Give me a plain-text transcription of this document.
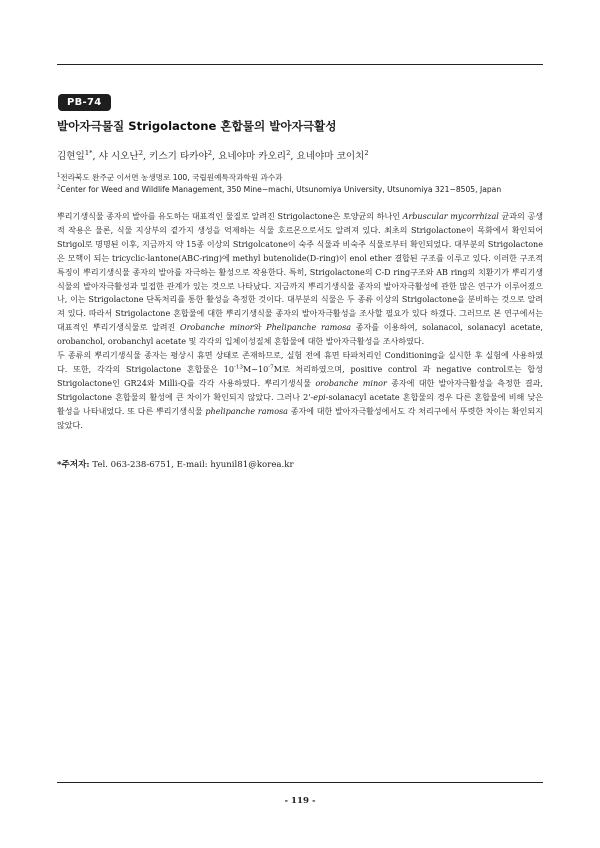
PB-74
발아자극물질 Strigolactone 혼합물의 발아자극활성
김현일$^{1*}$, 샤 시오난$^2$, 키스기 타카야$^2$, 요네야마 카오리$^2$, 요네야마 코이치$^2$
$^1$전라북도 완주군 이서면 농생명로 100, 국립원예특작과학원 과수과
$^2$Center for Weed and Wildlife Management, 350 Mine−machi, Utsunomiya University, Utsunomiya 321−8505, Japan

뿌리기생식물 종자의 발아를 유도하는 대표적인 물질로 알려진 Strigolactone은 토양균의 하나인 Arbuscular mycorrhizal 균과의 공생적 작용은 물론, 식물 지상부의 곁가지 생성을 억제하는 식물 호르몬으로서도 알려져 있다. 최초의 Strigolactone이 목화에서 확인되어 Strigol로 명명된 이후, 지금까지 약 15종 이상의 Strigolcatone이 숙주 식물과 비숙주 식물로부터 확인되었다. 대부분의 Strigolactone은 모핵이 되는 tricyclic-lantone(ABC-ring)에 methyl butenolide(D-ring)이 enol ether 결합된 구조를 이루고 있다. 이러한 구조적 특징이 뿌리기생식물 종자의 발아를 자극하는 활성으로 작용한다. 특히, Strigolactone의 C-D ring구조와 AB ring의 치환기가 뿌리기생식물의 발아자극활성과 밀접한 관계가 있는 것으로 나타났다. 지금까지 뿌리기생식물 종자의 발아자극활성에 관한 많은 연구가 이루어졌으나, 이는 Strigolactone 단독처리를 통한 활성을 측정한 것이다. 대부분의 식물은 두 종류 이상의 Strigolactone을 분비하는 것으로 알려져 있다. 따라서 Strigolactone 혼합물에 대한 뿌리기생식물 종자의 발아자극활성을 조사할 필요가 있다 하겠다. 그러므로 본 연구에서는 대표적인 뿌리기생식물로 알려진 Orobanche minor와 Phelipanche ramosa 종자를 이용하여, solanacol, solanacyl acetate, orobanchol, orobanchyl acetate 및 각각의 입체이성질체 혼합물에 대한 발아자극활성을 조사하였다.

두 종류의 뿌리기생식물 종자는 평상시 휴면 상태로 존재하므로, 실험 전에 휴면 타파처리인 Conditioning을 실시한 후 실험에 사용하였다. 또한, 각각의 Strigolactone 혼합물은 $10^{-13}M\sim 10^{-7}M$로 처리하였으며, positive control 과 negative control로는 합성 Strigolactone인 GR24와 Milli-Q를 각각 사용하였다. 뿌리기생식물 orobanche minor 종자에 대한 발아자극활성을 측정한 결과, Strigolactone 혼합물의 활성에 큰 차이가 확인되지 않았다. 그러나 2'-epi-solanacyl acetate 혼합물의 경우 다른 혼합물에 비해 낮은 활성을 나타내었다. 또 다른 뿌리기생식물 phelipanche ramosa 종자에 대한 발아자극활성에서도 각 처리구에서 뚜렷한 차이는 확인되지 않았다.

*주저자: Tel. 063-238-6751, E-mail: hyunil81@korea.kr
- 119 -
